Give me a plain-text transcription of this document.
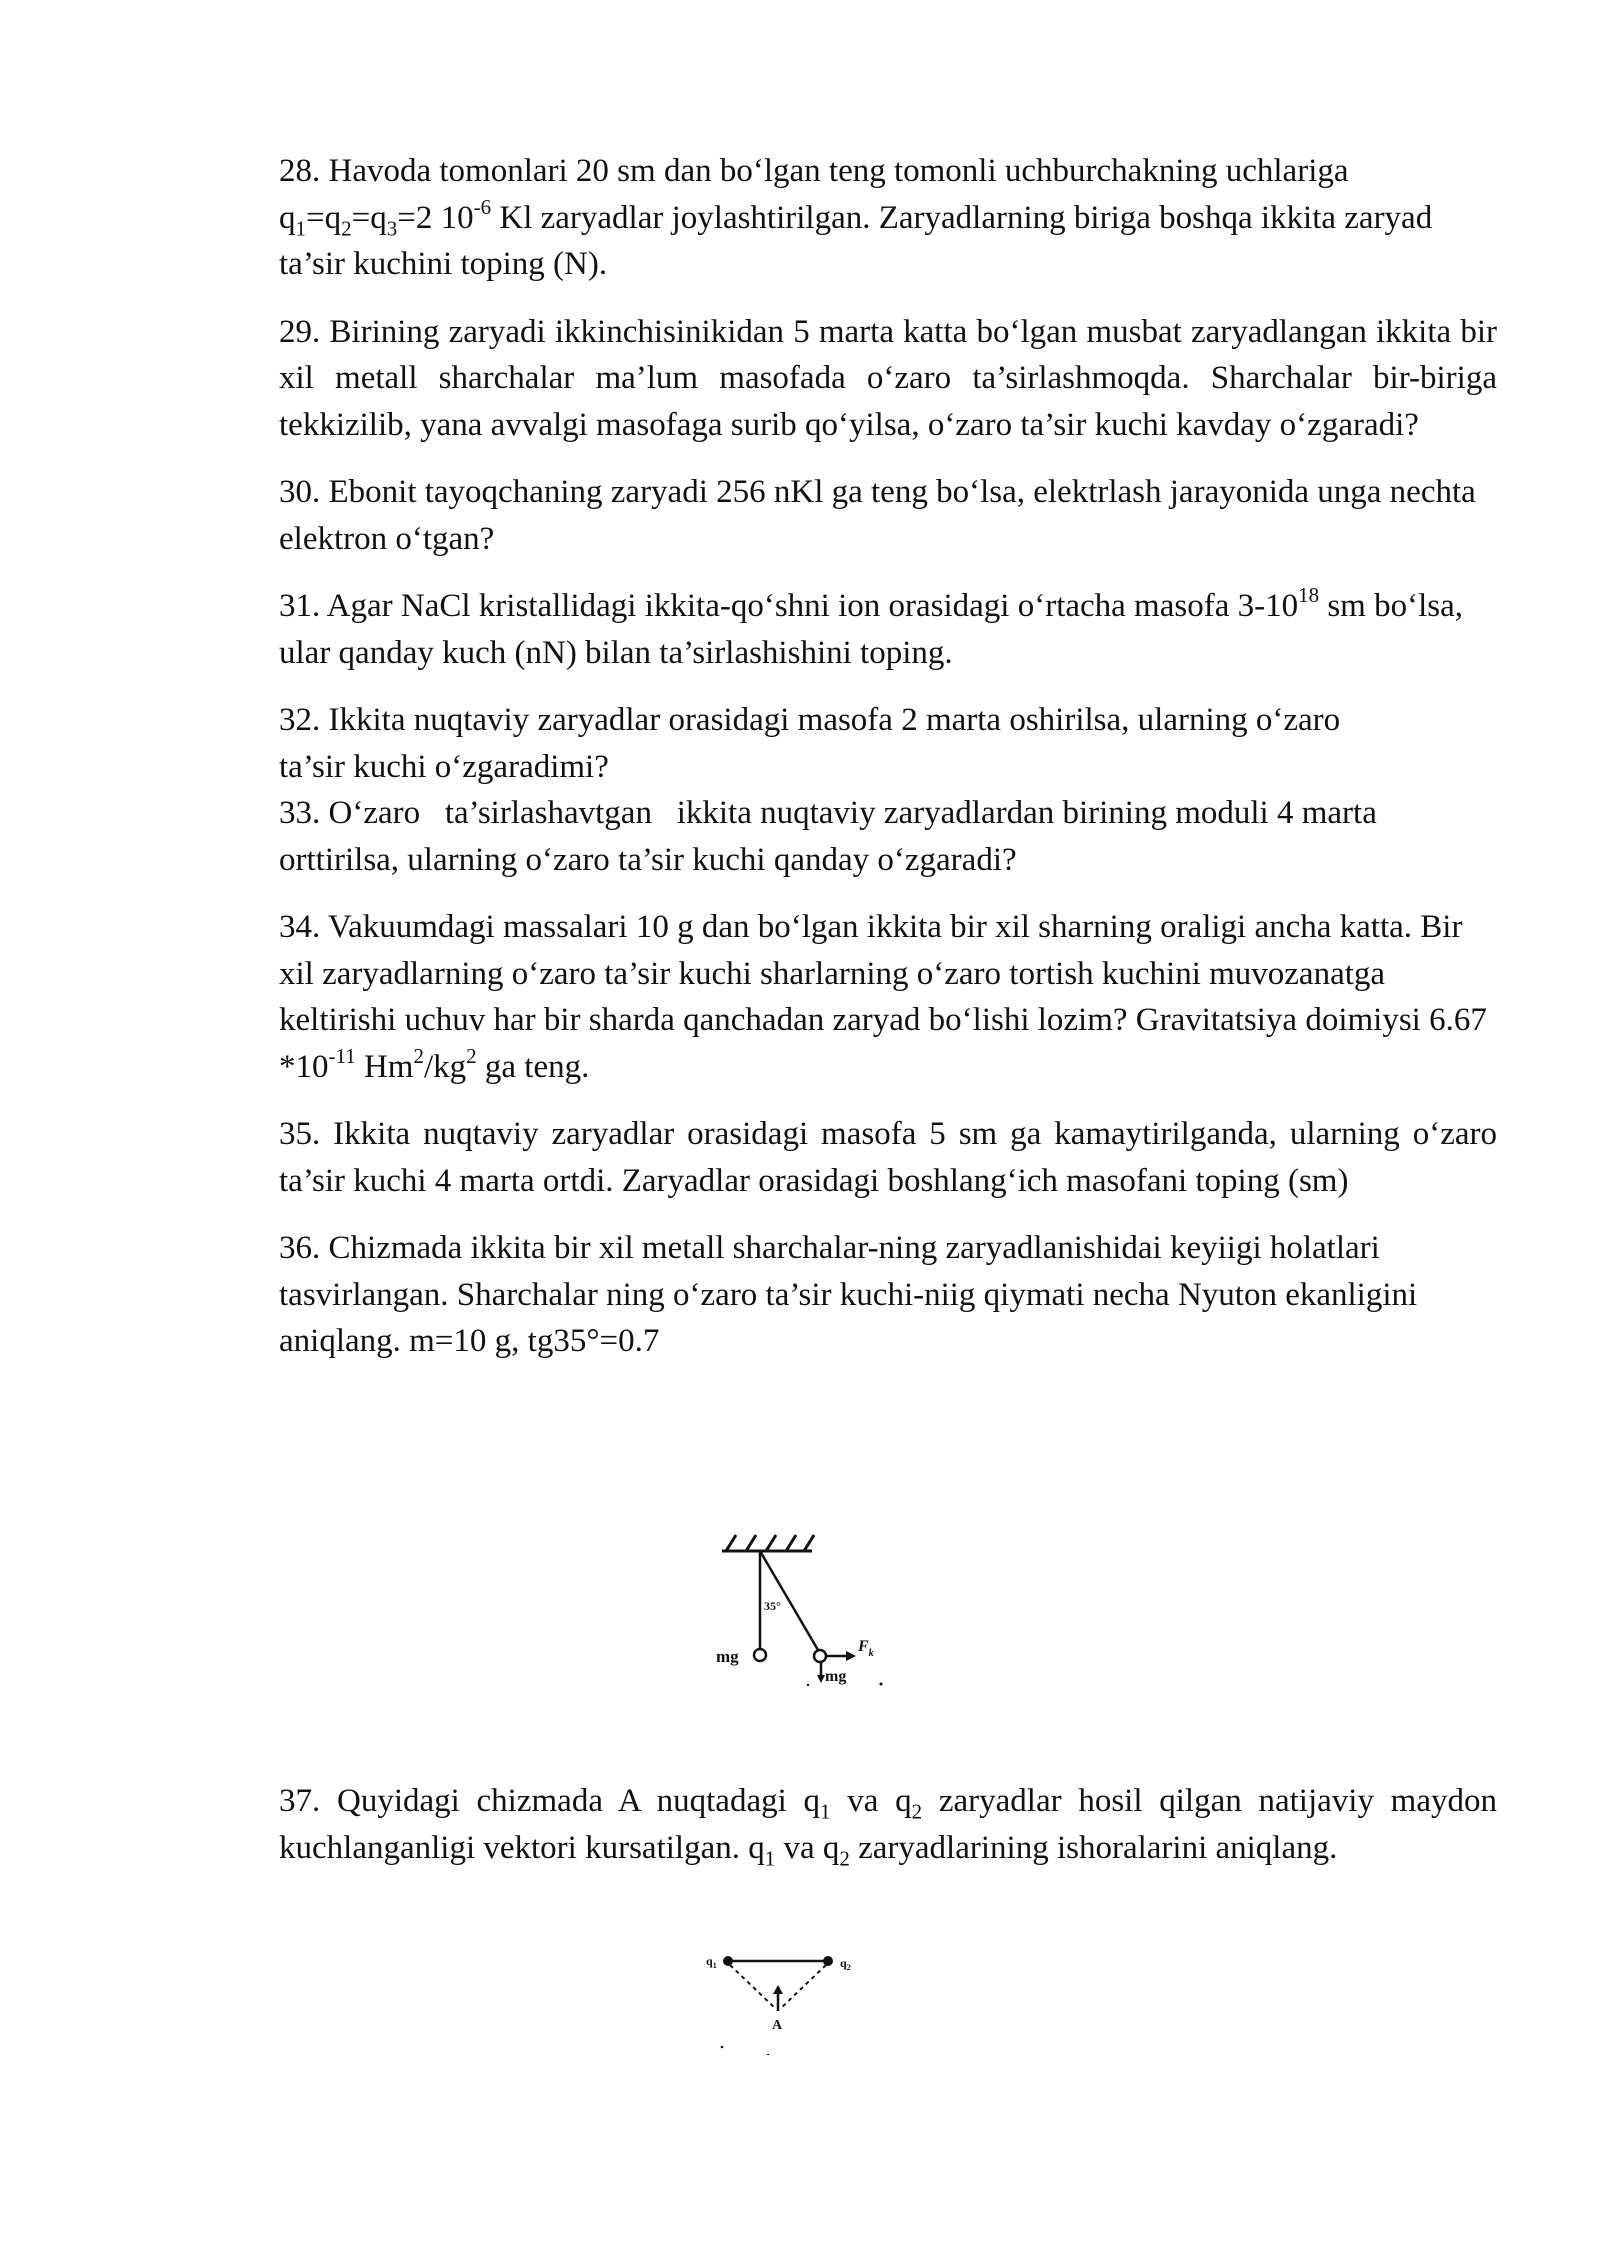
28. Havoda tomonlari 20 sm dan bo‘lgan teng tomonli uchburchakning uchlariga $q_1=q_2=q_3=2$ $10^{-6}$ Kl zaryadlar joylashtirilgan. Zaryadlarning biriga boshqa ikkita zaryad ta’sir kuchini toping (N).

29. Birining zaryadi ikkinchisinikidan 5 marta katta bo‘lgan musbat zaryadlangan ikkita bir xil metall sharchalar ma’lum masofada o‘zaro ta’sirlashmoqda. Sharchalar bir-biriga tekkizilib, yana avvalgi masofaga surib qo‘yilsa, o‘zaro ta’sir kuchi kavday o‘zgaradi?

30. Ebonit tayoqchaning zaryadi 256 nKl ga teng bo‘lsa, elektrlash jarayonida unga nechta elektron o‘tgan?

31. Agar NaCl kristallidagi ikkita-qo‘shni ion orasidagi o‘rtacha masofa $3-10^{18}$ sm bo‘lsa, ular qanday kuch (nN) bilan ta’sirlashishini toping.

32. Ikkita nuqtaviy zaryadlar orasidagi masofa 2 marta oshirilsa, ularning o‘zaro ta’sir kuchi o‘zgaradimi?

33. O‘zaro   ta’sirlashavtgan   ikkita nuqtaviy zaryadlardan birining moduli 4 marta orttirilsa, ularning o‘zaro ta’sir kuchi qanday o‘zgaradi?

34. Vakuumdagi massalari 10 g dan bo‘lgan ikkita bir xil sharning oraligi ancha katta. Bir xil zaryadlarning o‘zaro ta’sir kuchi sharlarning o‘zaro tortish kuchini muvozanatga keltirishi uchuv har bir sharda qanchadan zaryad bo‘lishi lozim? Gravitatsiya doimiysi 6.67 $*10^{-11}$ $Hm^2/kg^2$ ga teng.

35. Ikkita nuqtaviy zaryadlar orasidagi masofa 5 sm ga kamaytirilganda, ularning o‘zaro ta’sir kuchi 4 marta ortdi. Zaryadlar orasidagi boshlang‘ich masofani toping (sm)

36. Chizmada ikkita bir xil metall sharchalar-ning zaryadlanishidai keyiigi holatlari tasvirlangan. Sharchalar ning o‘zaro ta’sir kuchi-niig qiymati necha Nyuton ekanligini aniqlang. m=10 g, tg35°=0.7

35°
mg
$F_k$
mg

37. Quyidagi chizmada A nuqtadagi $q_1$ va $q_2$ zaryadlar hosil qilgan natijaviy maydon kuchlanganligi vektori kursatilgan. $q_1$ va $q_2$ zaryadlarining ishoralarini aniqlang.

$q_1$	$q_2$
A
